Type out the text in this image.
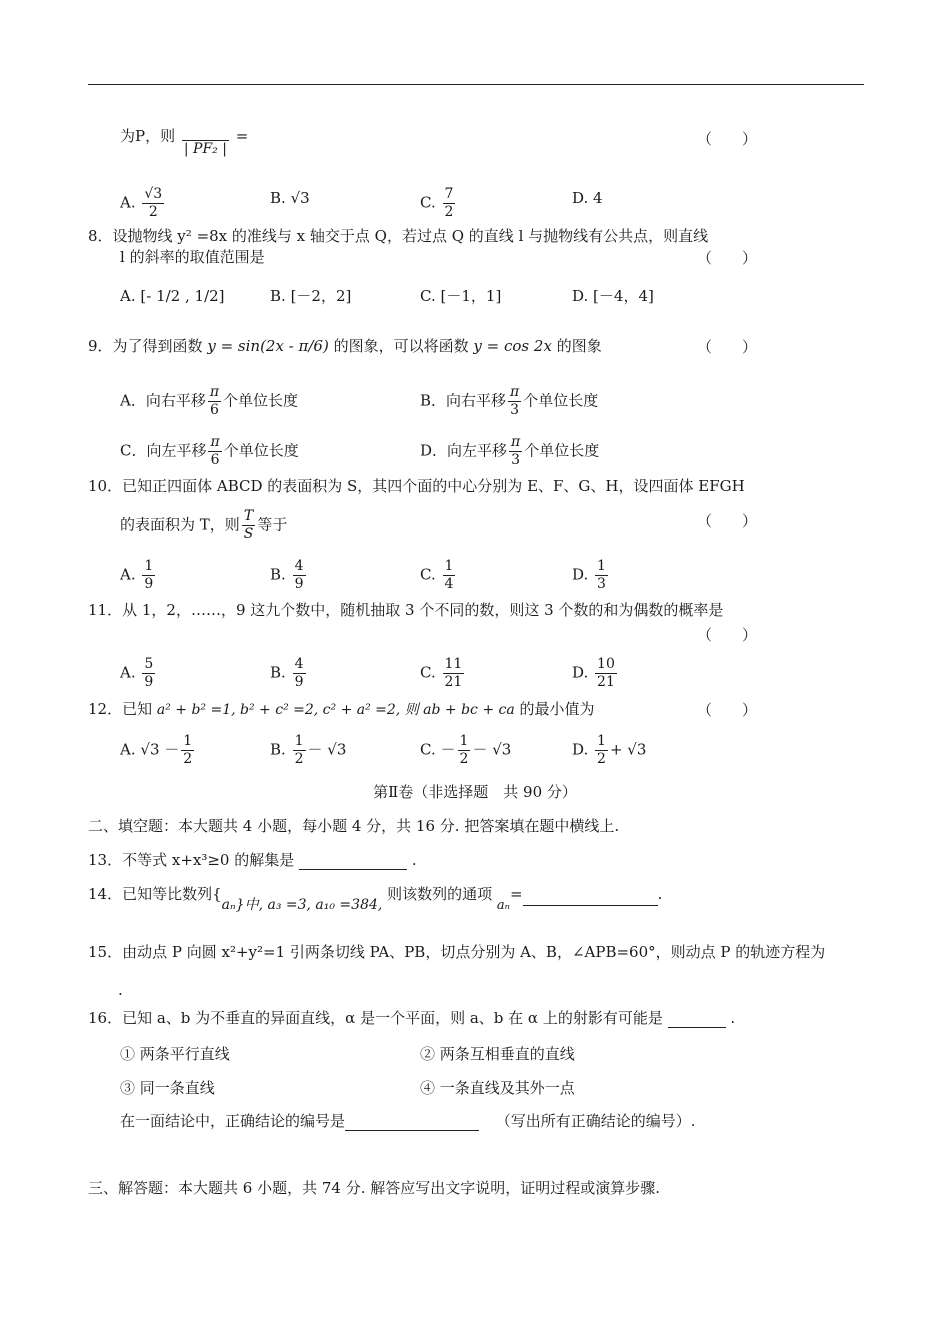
为P，则
| PF₂ |
=	（　　）
A. $\frac{√3}{2}$	B. √3	C. $\frac{7}{2}$	D. 4
8．设抛物线 y² =8x 的准线与 x 轴交于点 Q，若过点 Q 的直线 l 与抛物线有公共点，则直线
l 的斜率的取值范围是	（　　）
A. [- 1/2 , 1/2]	B. [－2，2]	C. [－1，1]	D. [－4，4]
9．为了得到函数 y = sin(2x - π/6) 的图象，可以将函数 y = cos 2x 的图象	（　　）
A．向右平移 $\frac{\pi}{6}$ 个单位长度	B．向右平移 $\frac{\pi}{3}$ 个单位长度
C．向左平移 $\frac{\pi}{6}$ 个单位长度	D．向左平移 $\frac{\pi}{3}$ 个单位长度
10．已知正四面体 ABCD 的表面积为 S，其四个面的中心分别为 E、F、G、H，设四面体 EFGH
的表面积为 T，则 $\frac{T}{S}$ 等于	（　　）
A. $\frac{1}{9}$	B. $\frac{4}{9}$	C. $\frac{1}{4}$	D. $\frac{1}{3}$
11．从 1，2，……，9 这九个数中，随机抽取 3 个不同的数，则这 3 个数的和为偶数的概率是
（　　）
A. $\frac{5}{9}$	B. $\frac{4}{9}$	C. $\frac{11}{21}$	D. $\frac{10}{21}$
12．已知 a² + b² =1, b² + c² =2, c² + a² =2, 则 ab + bc + ca 的最小值为	（　　）
A. $√3 - \frac{1}{2}$	B. $\frac{1}{2} - √3$	C. － $\frac{1}{2} - √3$	D. $\frac{1}{2} + √3$
第Ⅱ卷（非选择题　共 90 分）
二、填空题：本大题共 4 小题，每小题 4 分，共 16 分. 把答案填在题中横线上.
13．不等式 x+x³≥0 的解集是	.
14．已知等比数列{aₙ}中, a₃ =3, a₁₀ =384, 则该数列的通项 aₙ=	.
15．由动点 P 向圆 x²+y²=1 引两条切线 PA、PB，切点分别为 A、B，∠APB=60°，则动点 P 的轨迹方程为
.
16．已知 a、b 为不垂直的异面直线，α 是一个平面，则 a、b 在 α 上的射影有可能是	.
① 两条平行直线	② 两条互相垂直的直线
③ 同一条直线	④ 一条直线及其外一点
在一面结论中，正确结论的编号是	（写出所有正确结论的编号）.
三、解答题：本大题共 6 小题，共 74 分. 解答应写出文字说明，证明过程或演算步骤.
